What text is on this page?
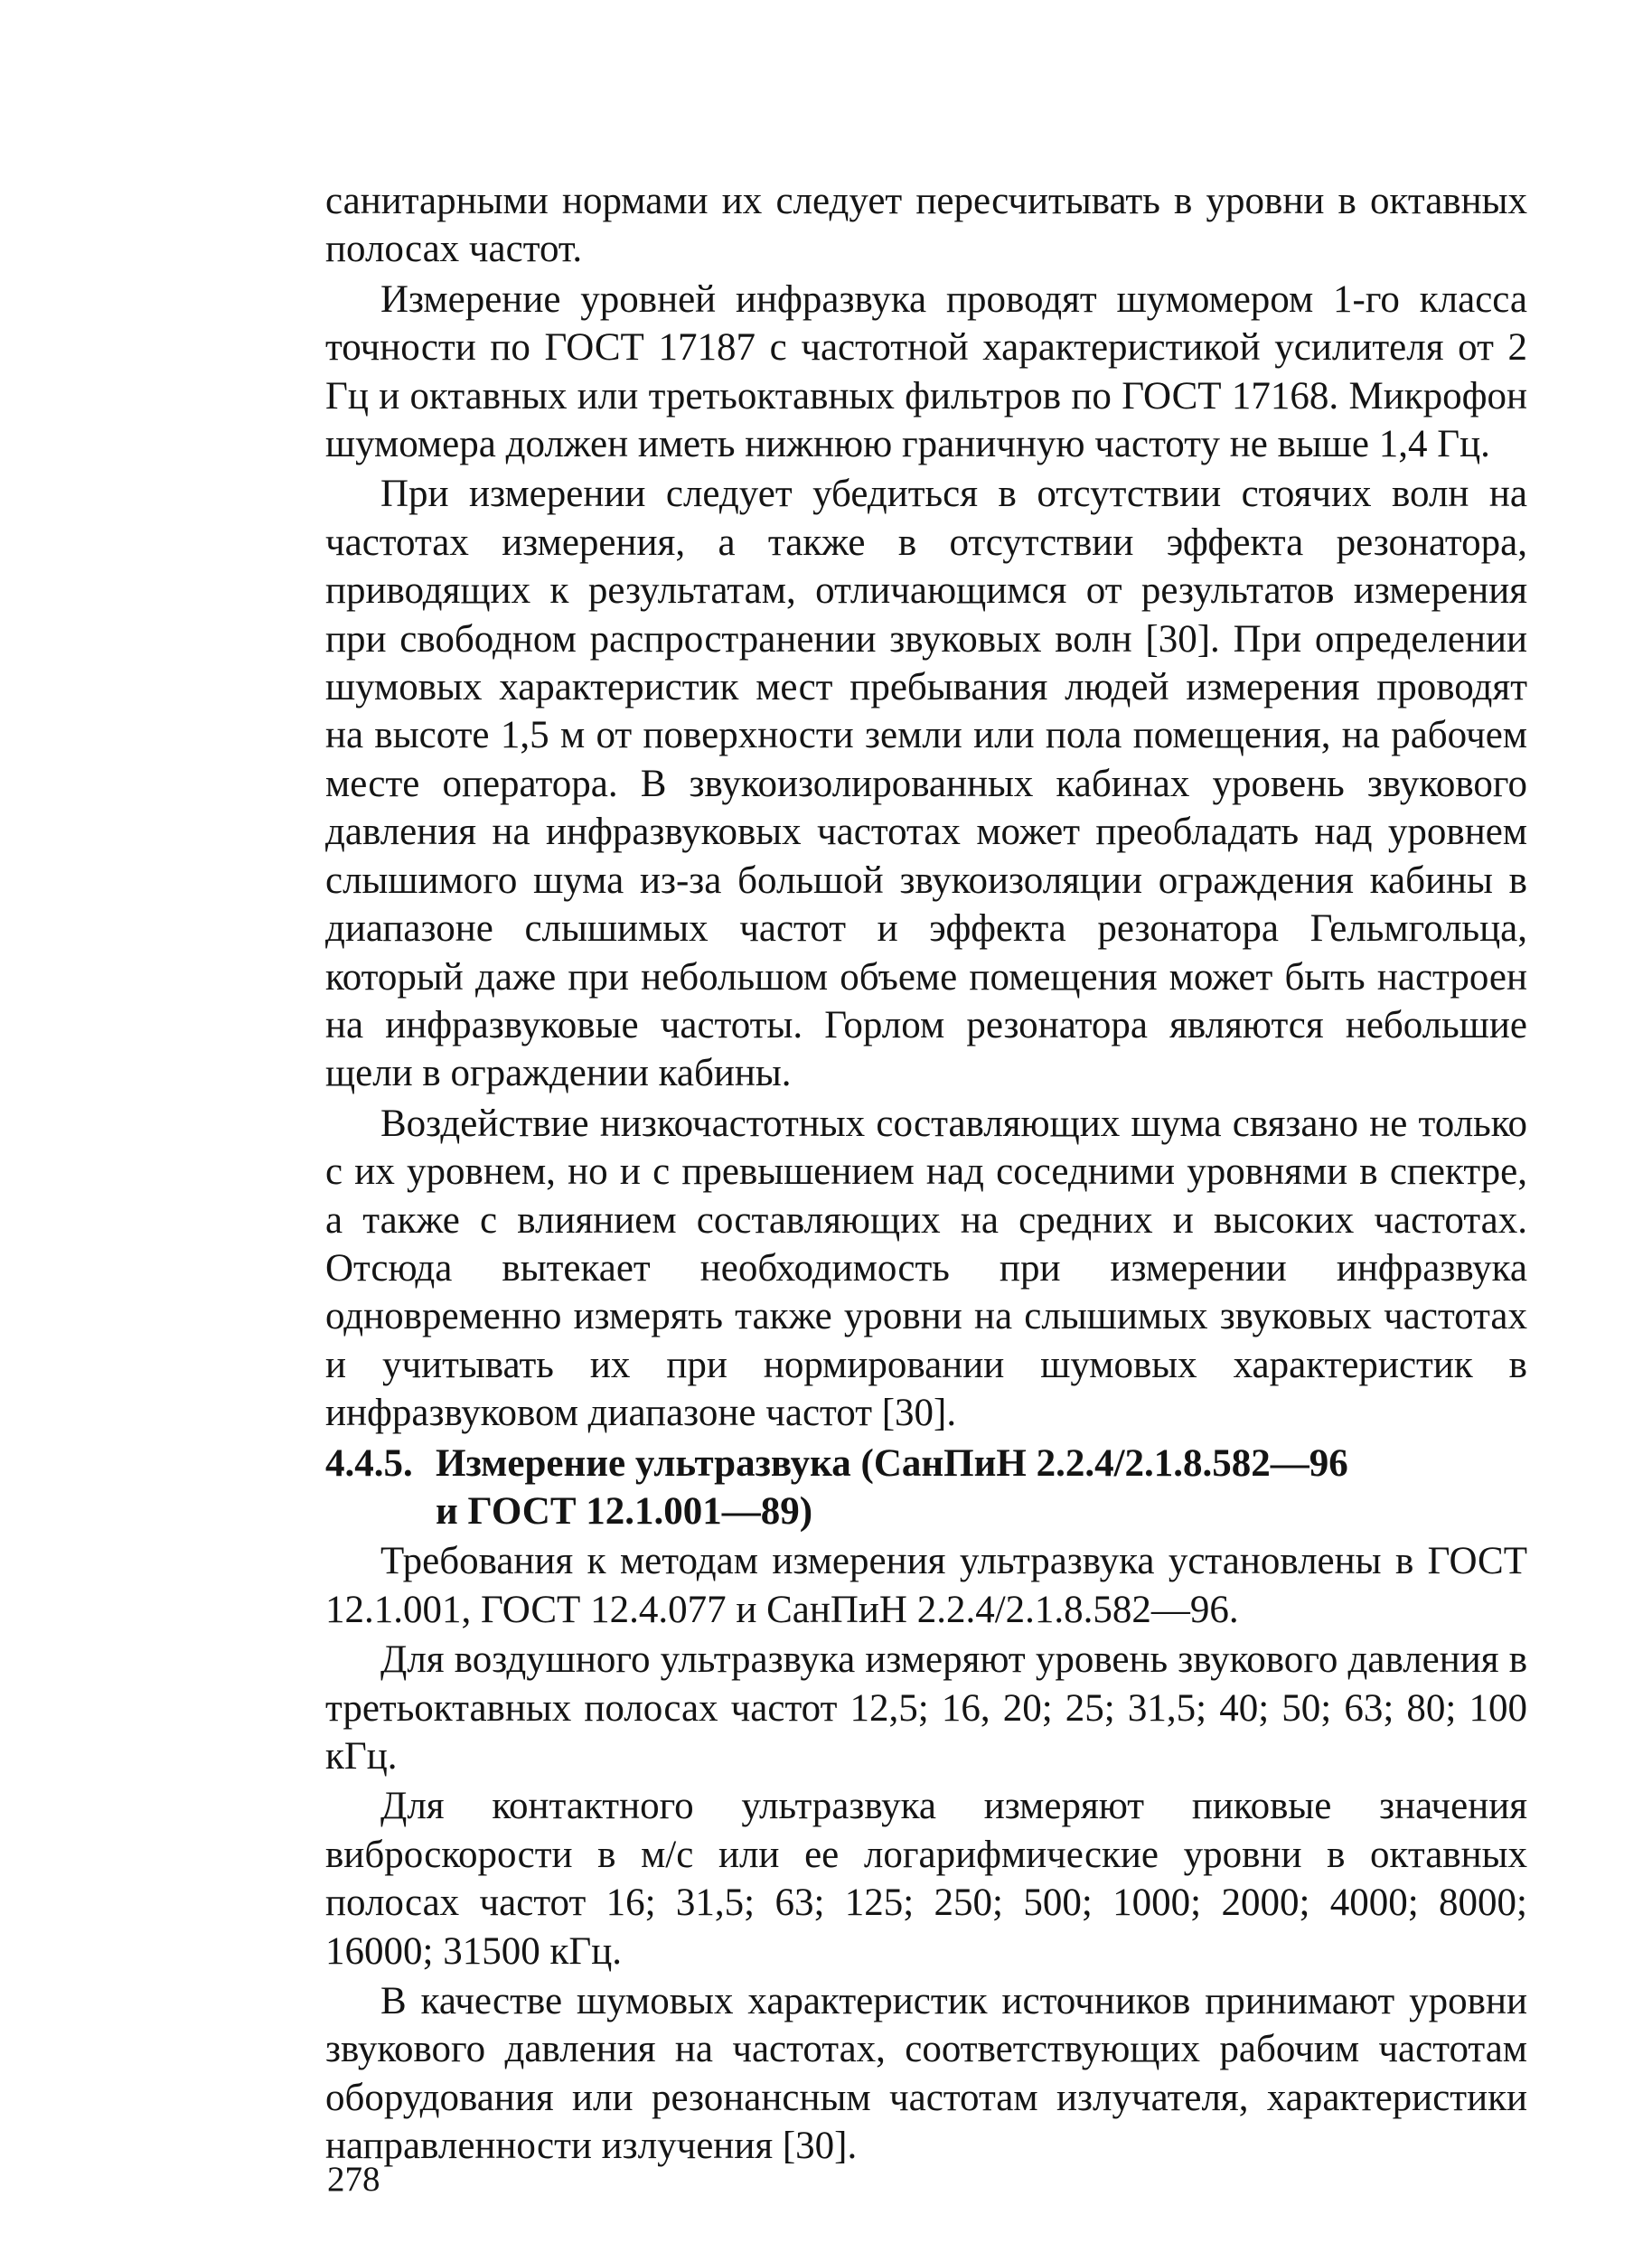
санитарными нормами их следует пересчитывать в уровни в октавных полосах частот.

Измерение уровней инфразвука проводят шумомером 1-го класса точности по ГОСТ 17187 с частотной характеристикой усилителя от 2 Гц и октавных или третьоктавных фильтров по ГОСТ 17168. Микрофон шумомера должен иметь нижнюю граничную частоту не выше 1,4 Гц.

При измерении следует убедиться в отсутствии стоячих волн на частотах измерения, а также в отсутствии эффекта резонатора, приводящих к результатам, отличающимся от результатов измерения при свободном распространении звуковых волн [30]. При определении шумовых характеристик мест пребывания людей измерения проводят на высоте 1,5 м от поверхности земли или пола помещения, на рабочем месте оператора. В звукоизолированных кабинах уровень звукового давления на инфразвуковых частотах может преобладать над уровнем слышимого шума из-за большой звукоизоляции ограждения кабины в диапазоне слышимых частот и эффекта резонатора Гельмгольца, который даже при небольшом объеме помещения может быть настроен на инфразвуковые частоты. Горлом резонатора являются небольшие щели в ограждении кабины.

Воздействие низкочастотных составляющих шума связано не только с их уровнем, но и с превышением над соседними уровнями в спектре, а также с влиянием составляющих на средних и высоких частотах. Отсюда вытекает необходимость при измерении инфразвука одновременно измерять также уровни на слышимых звуковых частотах и учитывать их при нормировании шумовых характеристик в инфразвуковом диапазоне частот [30].

4.4.5. Измерение ультразвука (СанПиН 2.2.4/2.1.8.582—96
и ГОСТ 12.1.001—89)

Требования к методам измерения ультразвука установлены в ГОСТ 12.1.001, ГОСТ 12.4.077 и СанПиН 2.2.4/2.1.8.582—96.

Для воздушного ультразвука измеряют уровень звукового давления в третьоктавных полосах частот 12,5; 16, 20; 25; 31,5; 40; 50; 63; 80; 100 кГц.

Для контактного ультразвука измеряют пиковые значения виброскорости в м/с или ее логарифмические уровни в октавных полосах частот 16; 31,5; 63; 125; 250; 500; 1000; 2000; 4000; 8000; 16000; 31500 кГц.

В качестве шумовых характеристик источников принимают уровни звукового давления на частотах, соответствующих рабочим частотам оборудования или резонансным частотам излучателя, характеристики направленности излучения [30].

278
